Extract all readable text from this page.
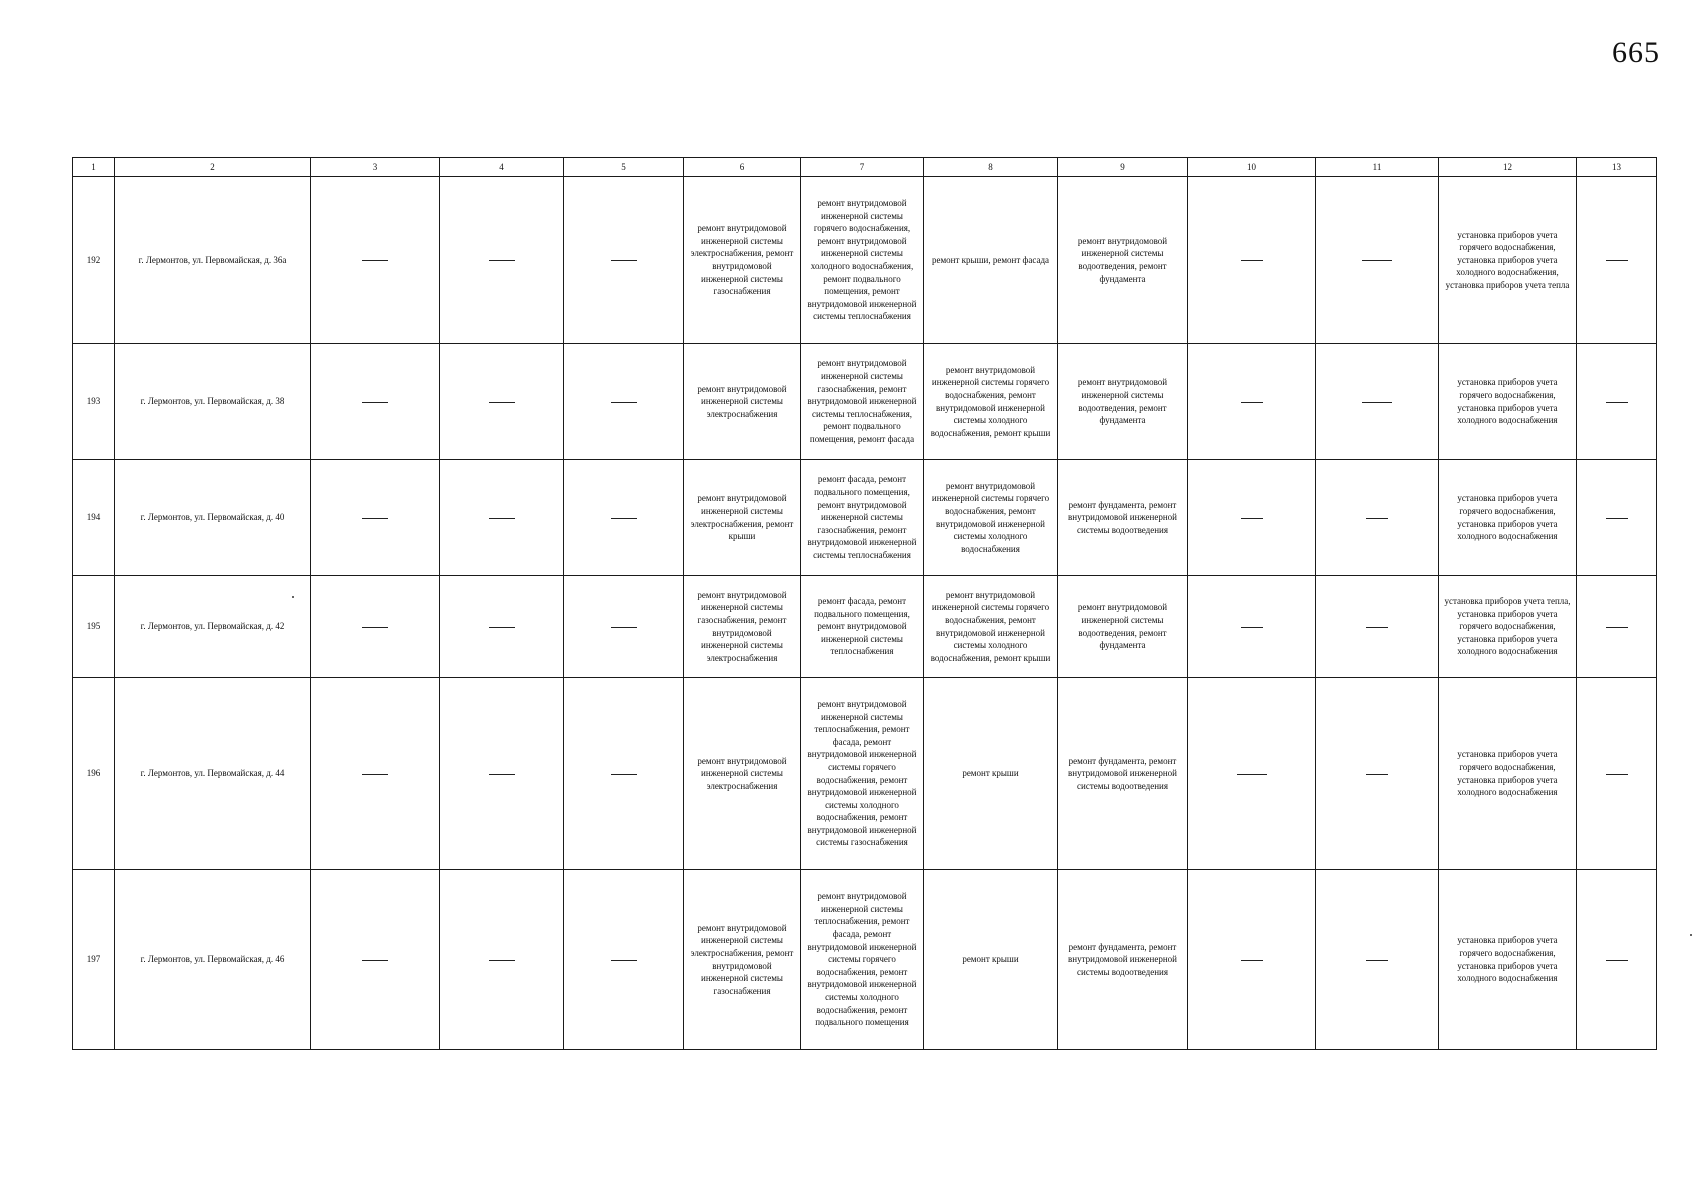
665
1	2	3	4	5	6	7	8	9	10	11	12	13
192	г. Лермонтов, ул. Первомайская, д. 36а				ремонт внутридомовой инженерной системы электроснабжения, ремонт внутридомовой инженерной системы газоснабжения	ремонт внутридомовой инженерной системы горячего водоснабжения, ремонт внутридомовой инженерной системы холодного водоснабжения, ремонт подвального помещения, ремонт внутридомовой инженерной системы теплоснабжения	ремонт крыши, ремонт фасада	ремонт внутридомовой инженерной системы водоотведения, ремонт фундамента			установка приборов учета горячего водоснабжения, установка приборов учета холодного водоснабжения, установка приборов учета тепла	
193	г. Лермонтов, ул. Первомайская, д. 38				ремонт внутридомовой инженерной системы электроснабжения	ремонт внутридомовой инженерной системы газоснабжения, ремонт внутридомовой инженерной системы теплоснабжения, ремонт подвального помещения, ремонт фасада	ремонт внутридомовой инженерной системы горячего водоснабжения, ремонт внутридомовой инженерной системы холодного водоснабжения, ремонт крыши	ремонт внутридомовой инженерной системы водоотведения, ремонт фундамента			установка приборов учета горячего водоснабжения, установка приборов учета холодного водоснабжения	
194	г. Лермонтов, ул. Первомайская, д. 40				ремонт внутридомовой инженерной системы электроснабжения, ремонт крыши	ремонт фасада, ремонт подвального помещения, ремонт внутридомовой инженерной системы газоснабжения, ремонт внутридомовой инженерной системы теплоснабжения	ремонт внутридомовой инженерной системы горячего водоснабжения, ремонт внутридомовой инженерной системы холодного водоснабжения	ремонт фундамента, ремонт внутридомовой инженерной системы водоотведения			установка приборов учета горячего водоснабжения, установка приборов учета холодного водоснабжения	
195	г. Лермонтов, ул. Первомайская, д. 42				ремонт внутридомовой инженерной системы газоснабжения, ремонт внутридомовой инженерной системы электроснабжения	ремонт фасада, ремонт подвального помещения, ремонт внутридомовой инженерной системы теплоснабжения	ремонт внутридомовой инженерной системы горячего водоснабжения, ремонт внутридомовой инженерной системы холодного водоснабжения, ремонт крыши	ремонт внутридомовой инженерной системы водоотведения, ремонт фундамента			установка приборов учета тепла, установка приборов учета горячего водоснабжения, установка приборов учета холодного водоснабжения	
196	г. Лермонтов, ул. Первомайская, д. 44				ремонт внутридомовой инженерной системы электроснабжения	ремонт внутридомовой инженерной системы теплоснабжения, ремонт фасада, ремонт внутридомовой инженерной системы горячего водоснабжения, ремонт внутридомовой инженерной системы холодного водоснабжения, ремонт внутридомовой инженерной системы газоснабжения	ремонт крыши	ремонт фундамента, ремонт внутридомовой инженерной системы водоотведения			установка приборов учета горячего водоснабжения, установка приборов учета холодного водоснабжения	
197	г. Лермонтов, ул. Первомайская, д. 46				ремонт внутридомовой инженерной системы электроснабжения, ремонт внутридомовой инженерной системы газоснабжения	ремонт внутридомовой инженерной системы теплоснабжения, ремонт фасада, ремонт внутридомовой инженерной системы горячего водоснабжения, ремонт внутридомовой инженерной системы холодного водоснабжения, ремонт подвального помещения	ремонт крыши	ремонт фундамента, ремонт внутридомовой инженерной системы водоотведения			установка приборов учета горячего водоснабжения, установка приборов учета холодного водоснабжения	
